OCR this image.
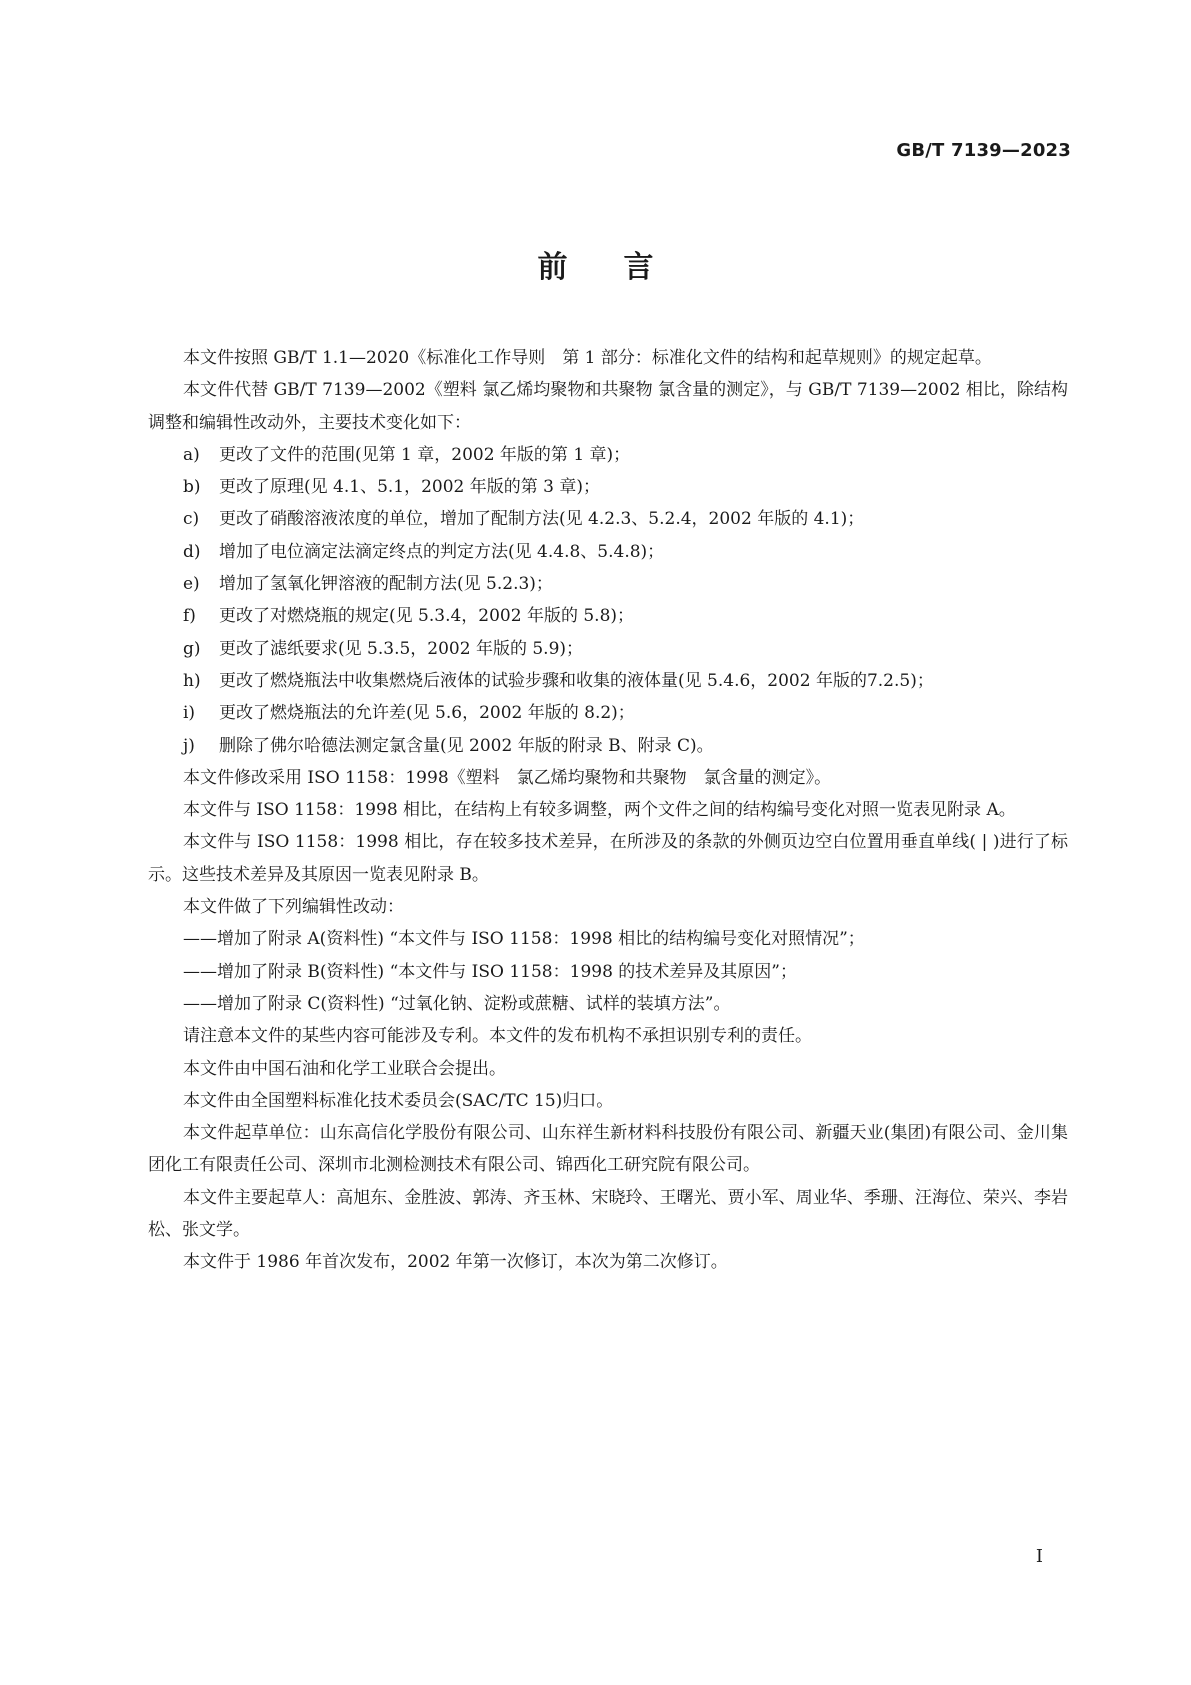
GB/T 7139—2023
前言

本文件按照 GB/T 1.1—2020《标准化工作导则　第 1 部分：标准化文件的结构和起草规则》的规定起草。

本文件代替 GB/T 7139—2002《塑料 氯乙烯均聚物和共聚物 氯含量的测定》，与 GB/T 7139—2002 相比，除结构调整和编辑性改动外，主要技术变化如下：

a) 更改了文件的范围(见第 1 章，2002 年版的第 1 章)；

b) 更改了原理(见 4.1、5.1，2002 年版的第 3 章)；

c) 更改了硝酸溶液浓度的单位，增加了配制方法(见 4.2.3、5.2.4，2002 年版的 4.1)；

d) 增加了电位滴定法滴定终点的判定方法(见 4.4.8、5.4.8)；

e) 增加了氢氧化钾溶液的配制方法(见 5.2.3)；

f) 更改了对燃烧瓶的规定(见 5.3.4，2002 年版的 5.8)；

g) 更改了滤纸要求(见 5.3.5，2002 年版的 5.9)；

h) 更改了燃烧瓶法中收集燃烧后液体的试验步骤和收集的液体量(见 5.4.6，2002 年版的7.2.5)；

i) 更改了燃烧瓶法的允许差(见 5.6，2002 年版的 8.2)；

j) 删除了佛尔哈德法测定氯含量(见 2002 年版的附录 B、附录 C)。

本文件修改采用 ISO 1158：1998《塑料　氯乙烯均聚物和共聚物　氯含量的测定》。

本文件与 ISO 1158：1998 相比，在结构上有较多调整，两个文件之间的结构编号变化对照一览表见附录 A。

本文件与 ISO 1158：1998 相比，存在较多技术差异，在所涉及的条款的外侧页边空白位置用垂直单线( | )进行了标示。这些技术差异及其原因一览表见附录 B。

本文件做了下列编辑性改动：

——增加了附录 A(资料性) “本文件与 ISO 1158：1998 相比的结构编号变化对照情况”；

——增加了附录 B(资料性) “本文件与 ISO 1158：1998 的技术差异及其原因”；

——增加了附录 C(资料性) “过氧化钠、淀粉或蔗糖、试样的装填方法”。

请注意本文件的某些内容可能涉及专利。本文件的发布机构不承担识别专利的责任。

本文件由中国石油和化学工业联合会提出。

本文件由全国塑料标准化技术委员会(SAC/TC 15)归口。

本文件起草单位：山东高信化学股份有限公司、山东祥生新材料科技股份有限公司、新疆天业(集团)有限公司、金川集团化工有限责任公司、深圳市北测检测技术有限公司、锦西化工研究院有限公司。

本文件主要起草人：高旭东、金胜波、郭涛、齐玉林、宋晓玲、王曙光、贾小军、周业华、季珊、汪海位、荣兴、李岩松、张文学。

本文件于 1986 年首次发布，2002 年第一次修订，本次为第二次修订。

I
